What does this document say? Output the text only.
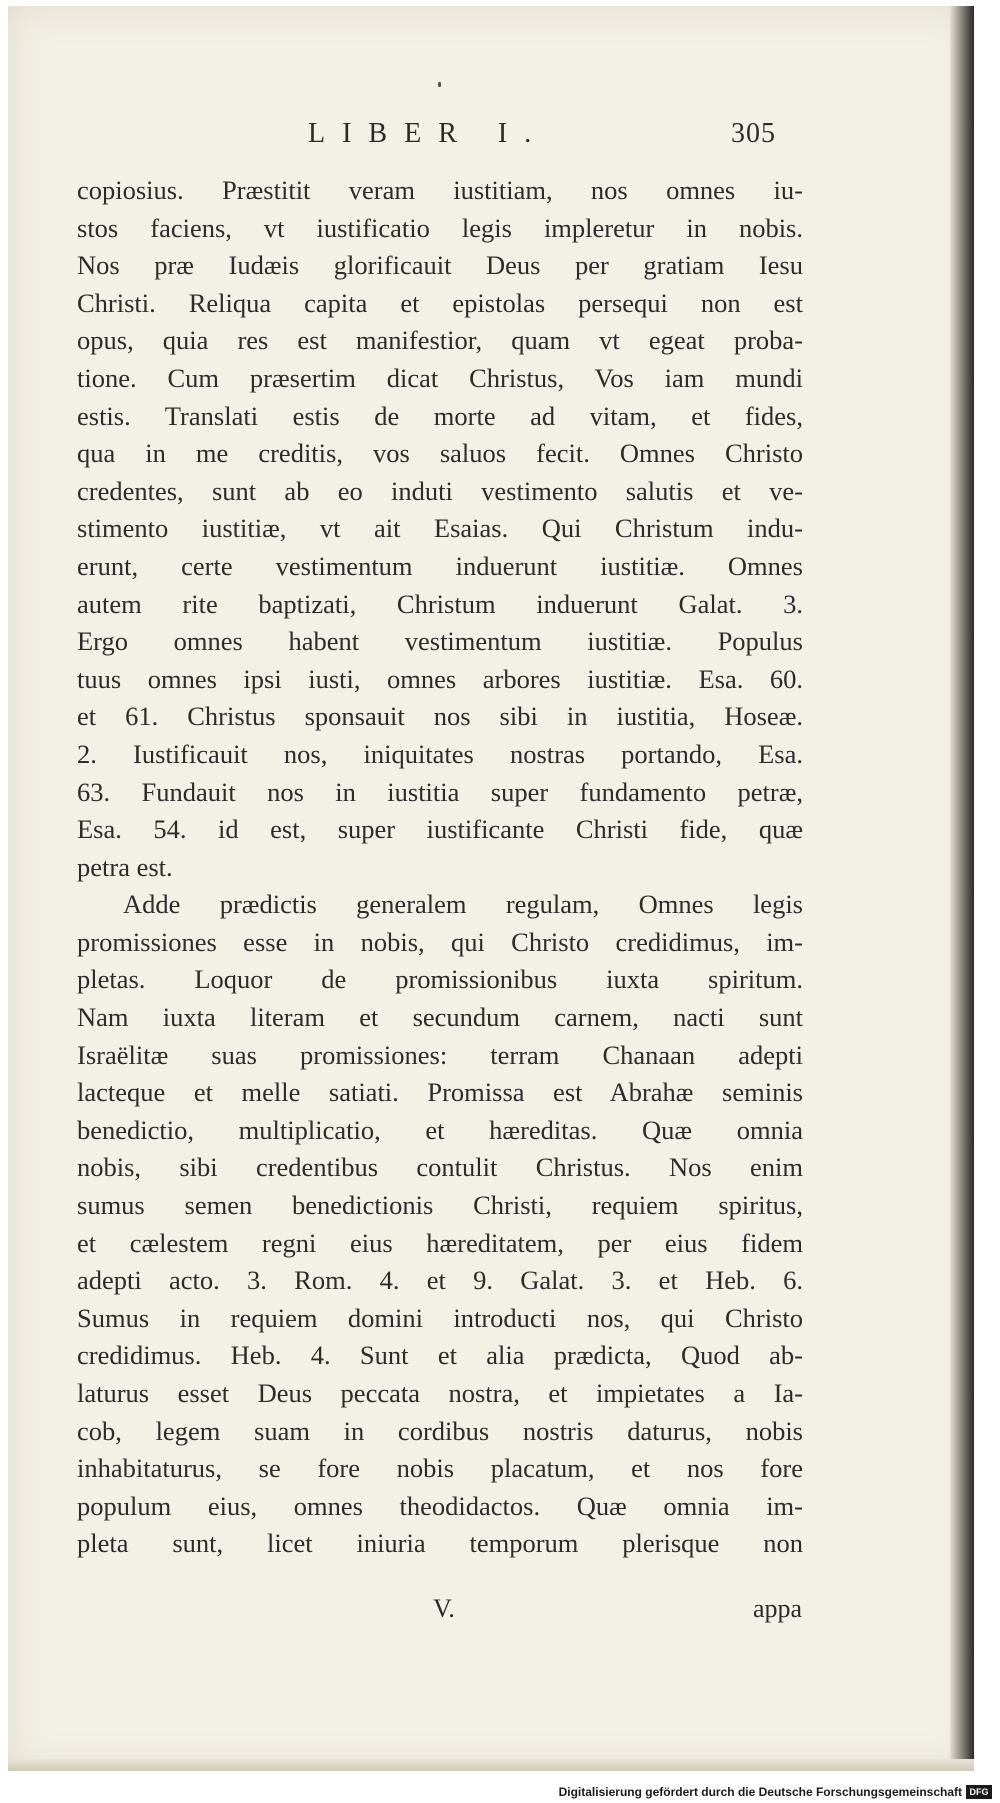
LIBER I.	305
copiosius. Præstitit veram iustitiam, nos omnes iu-
stos faciens, vt iustificatio legis impleretur in nobis.
Nos præ Iudæis glorificauit Deus per gratiam Iesu
Christi. Reliqua capita et epistolas persequi non est
opus, quia res est manifestior, quam vt egeat proba-
tione. Cum præsertim dicat Christus, Vos iam mundi
estis. Translati estis de morte ad vitam, et fides,
qua in me creditis, vos saluos fecit. Omnes Christo
credentes, sunt ab eo induti vestimento salutis et ve-
stimento iustitiæ, vt ait Esaias. Qui Christum indu-
erunt, certe vestimentum induerunt iustitiæ. Omnes
autem rite baptizati, Christum induerunt Galat. 3.
Ergo omnes habent vestimentum iustitiæ. Populus
tuus omnes ipsi iusti, omnes arbores iustitiæ. Esa. 60.
et 61. Christus sponsauit nos sibi in iustitia, Hoseæ.
2. Iustificauit nos, iniquitates nostras portando, Esa.
63. Fundauit nos in iustitia super fundamento petræ,
Esa. 54. id est, super iustificante Christi fide, quæ
petra est.
Adde prædictis generalem regulam, Omnes legis
promissiones esse in nobis, qui Christo credidimus, im-
pletas. Loquor de promissionibus iuxta spiritum.
Nam iuxta literam et secundum carnem, nacti sunt
Israëlitæ suas promissiones: terram Chanaan adepti
lacteque et melle satiati. Promissa est Abrahæ seminis
benedictio, multiplicatio, et hæreditas. Quæ omnia
nobis, sibi credentibus contulit Christus. Nos enim
sumus semen benedictionis Christi, requiem spiritus,
et cælestem regni eius hæreditatem, per eius fidem
adepti acto. 3. Rom. 4. et 9. Galat. 3. et Heb. 6.
Sumus in requiem domini introducti nos, qui Christo
credidimus. Heb. 4. Sunt et alia prædicta, Quod ab-
laturus esset Deus peccata nostra, et impietates a Ia-
cob, legem suam in cordibus nostris daturus, nobis
inhabitaturus, se fore nobis placatum, et nos fore
populum eius, omnes theodidactos. Quæ omnia im-
pleta sunt, licet iniuria temporum plerisque non
V.	appa
Digitalisierung gefördert durch die Deutsche Forschungsgemeinschaft DFG
